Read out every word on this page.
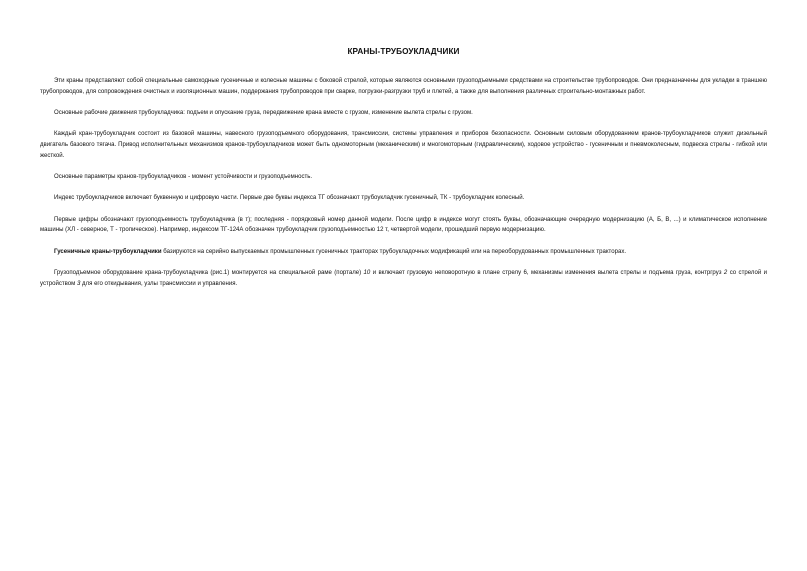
КРАНЫ-ТРУБОУКЛАДЧИКИ

Эти краны представляют собой специальные самоходные гусеничные и колесные машины с боковой стрелой, которые являются основными грузоподъемными средствами на строительстве трубопроводов. Они предназначены для укладки в траншею трубопроводов, для сопровождения очистных и изоляционных машин, поддержания трубопроводов при сварке, погрузки-разгрузки труб и плетей, а также для выполнения различных строительно-монтажных работ.

Основные рабочие движения трубоукладчика: подъем и опускание груза, передвижение крана вместе с грузом, изменение вылета стрелы с грузом.

Каждый кран-трубоукладчик состоит из базовой машины, навесного грузоподъемного оборудования, трансмиссии, системы управления и приборов безопасности. Основным силовым оборудованием кранов-трубоукладчиков служит дизельный двигатель базового тягача. Привод исполнительных механизмов кранов-трубоукладчиков может быть одномоторным (механическим) и многомоторным (гидравлическим), ходовое устройство - гусеничным и пневмоколесным, подвеска стрелы - гибкой или жесткой.

Основные параметры кранов-трубоукладчиков - момент устойчивости и грузоподъемность.

Индекс трубоукладчиков включает буквенную и цифровую части. Первые две буквы индекса ТГ обозначают трубоукладчик гусеничный, ТК - трубоукладчик колесный.

Первые цифры обозначают грузоподъемность трубоукладчика (в т); последняя - порядковый номер данной модели. После цифр в индексе могут стоять буквы, обозначающие очередную модернизацию (А, Б, В, ...) и климатическое исполнение машины (ХЛ - северное, Т - тропическое). Например, индексом ТГ-124А обозначен трубоукладчик грузоподъемностью 12 т, четвертой модели, прошедший первую модернизацию.

Гусеничные краны-трубоукладчики базируются на серийно выпускаемых промышленных гусеничных тракторах трубоукладочных модификаций или на переоборудованных промышленных тракторах.

Грузоподъемное оборудование крана-трубоукладчика (рис.1) монтируется на специальной раме (портале) 10 и включает грузовую неповоротную в плане стрелу 6, механизмы изменения вылета стрелы и подъема груза, контргруз 2 со стрелой и устройством 3 для его откидывания, узлы трансмиссии и управления.
